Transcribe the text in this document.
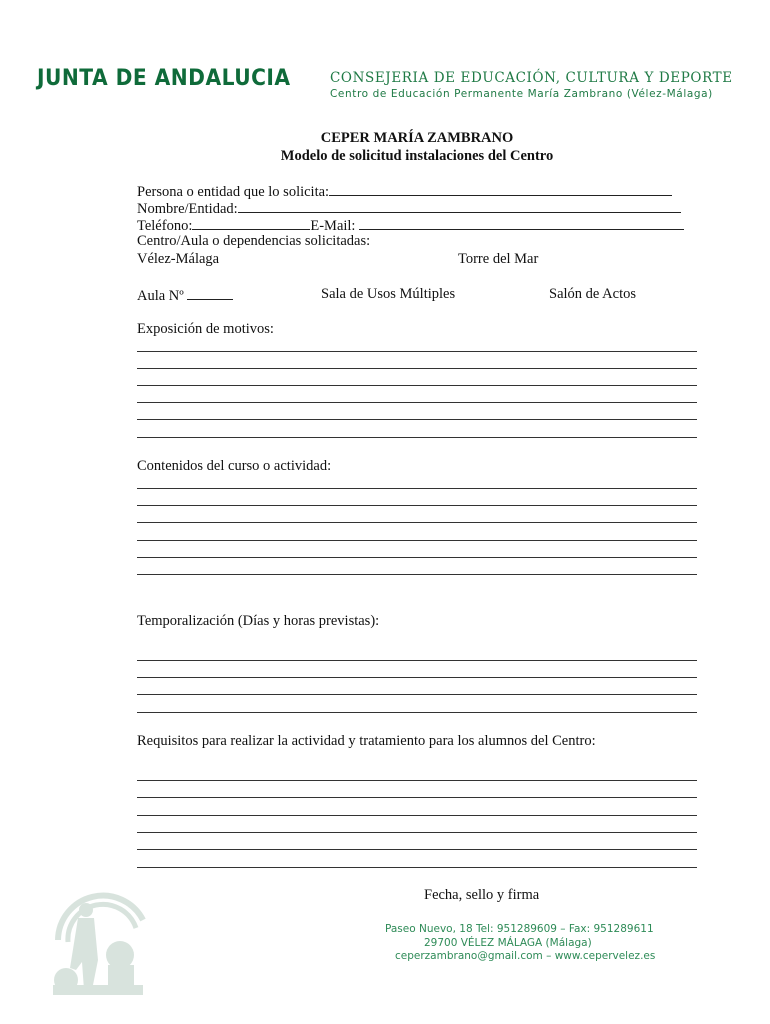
JUNTA DE ANDALUCIA	CONSEJERIA DE EDUCACIÓN, CULTURA Y DEPORTE
Centro de Educación Permanente María Zambrano (Vélez-Málaga)
CEPER MARÍA ZAMBRANO
Modelo de solicitud instalaciones del Centro
Persona o entidad que lo solicita:
Nombre/Entidad:
Teléfono:	E-Mail:
Centro/Aula o dependencias solicitadas:
Vélez-Málaga	Torre del Mar
Aula Nº	Sala de Usos Múltiples	Salón de Actos
Exposición de motivos:
Contenidos del curso o actividad:
Temporalización (Días y horas previstas):
Requisitos para realizar la actividad y tratamiento para los alumnos del Centro:
Fecha, sello y firma
Paseo Nuevo, 18 Tel: 951289609 – Fax: 951289611
29700 VÉLEZ MÁLAGA (Málaga)
ceperzambrano@gmail.com – www.cepervelez.es
